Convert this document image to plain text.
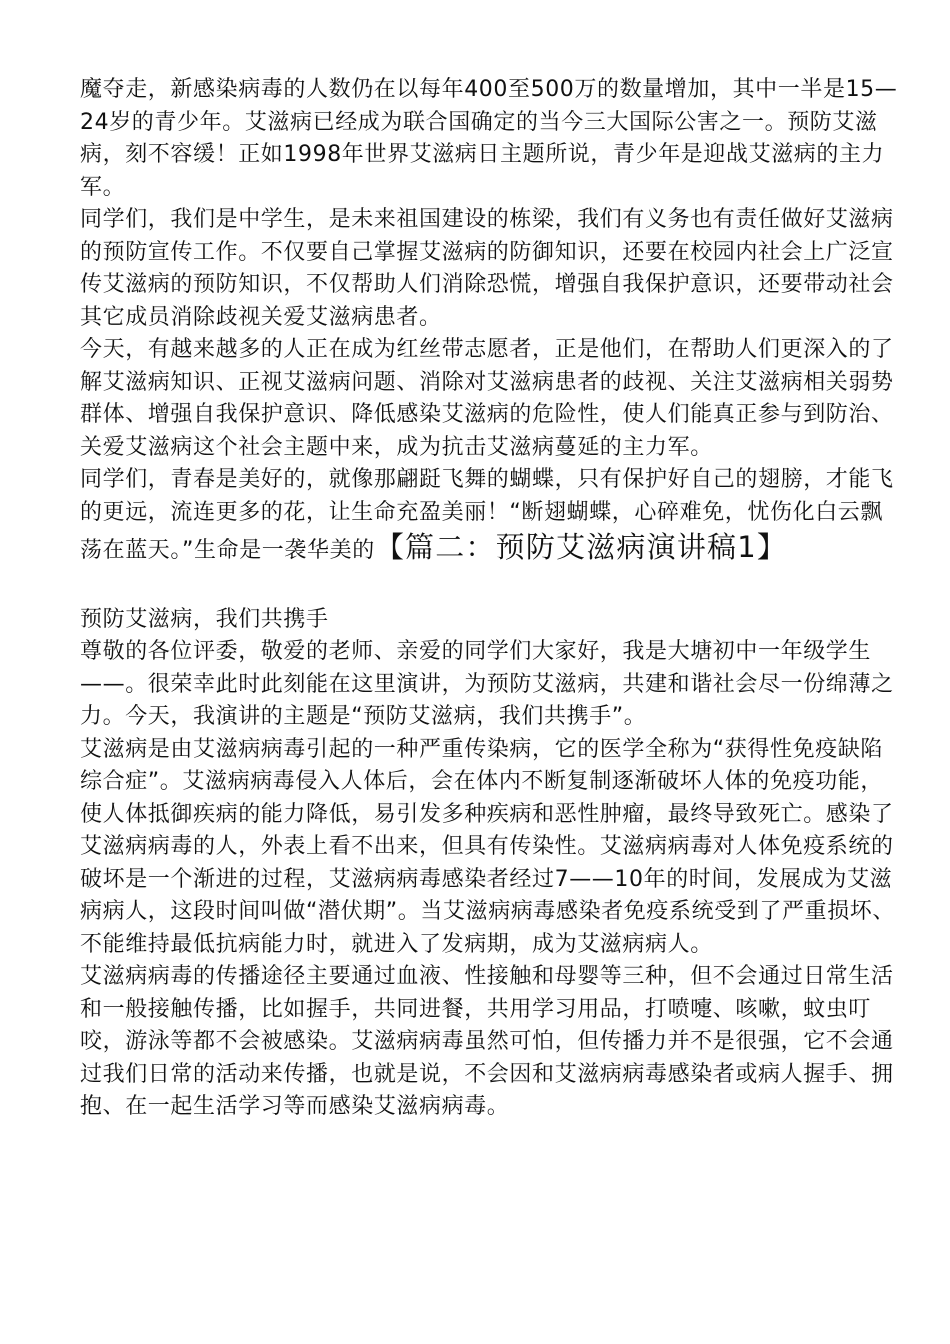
魔夺走，新感染病毒的人数仍在以每年400至500万的数量增加，其中一半是15—24岁的青少年。艾滋病已经成为联合国确定的当今三大国际公害之一。预防艾滋病，刻不容缓！正如1998年世界艾滋病日主题所说，青少年是迎战艾滋病的主力军。

同学们，我们是中学生，是未来祖国建设的栋梁，我们有义务也有责任做好艾滋病的预防宣传工作。不仅要自己掌握艾滋病的防御知识，还要在校园内社会上广泛宣传艾滋病的预防知识，不仅帮助人们消除恐慌，增强自我保护意识，还要带动社会其它成员消除歧视关爱艾滋病患者。

今天，有越来越多的人正在成为红丝带志愿者，正是他们，在帮助人们更深入的了解艾滋病知识、正视艾滋病问题、消除对艾滋病患者的歧视、关注艾滋病相关弱势群体、增强自我保护意识、降低感染艾滋病的危险性，使人们能真正参与到防治、关爱艾滋病这个社会主题中来，成为抗击艾滋病蔓延的主力军。

同学们，青春是美好的，就像那翩跹飞舞的蝴蝶，只有保护好自己的翅膀，才能飞的更远，流连更多的花，让生命充盈美丽！“断翅蝴蝶，心碎难免，忧伤化白云飘荡在蓝天。”生命是一袭华美的【篇二：预防艾滋病演讲稿1】

预防艾滋病，我们共携手

尊敬的各位评委，敬爱的老师、亲爱的同学们大家好，我是大塘初中一年级学生——。很荣幸此时此刻能在这里演讲，为预防艾滋病，共建和谐社会尽一份绵薄之力。今天，我演讲的主题是“预防艾滋病，我们共携手”。

艾滋病是由艾滋病病毒引起的一种严重传染病，它的医学全称为“获得性免疫缺陷综合症”。艾滋病病毒侵入人体后，会在体内不断复制逐渐破坏人体的免疫功能，使人体抵御疾病的能力降低，易引发多种疾病和恶性肿瘤，最终导致死亡。感染了艾滋病病毒的人，外表上看不出来，但具有传染性。艾滋病病毒对人体免疫系统的破坏是一个渐进的过程，艾滋病病毒感染者经过7——10年的时间，发展成为艾滋病病人，这段时间叫做“潜伏期”。当艾滋病病毒感染者免疫系统受到了严重损坏、不能维持最低抗病能力时，就进入了发病期，成为艾滋病病人。

艾滋病病毒的传播途径主要通过血液、性接触和母婴等三种，但不会通过日常生活和一般接触传播，比如握手，共同进餐，共用学习用品，打喷嚏、咳嗽，蚊虫叮咬，游泳等都不会被感染。艾滋病病毒虽然可怕，但传播力并不是很强，它不会通过我们日常的活动来传播，也就是说，不会因和艾滋病病毒感染者或病人握手、拥抱、在一起生活学习等而感染艾滋病病毒。
